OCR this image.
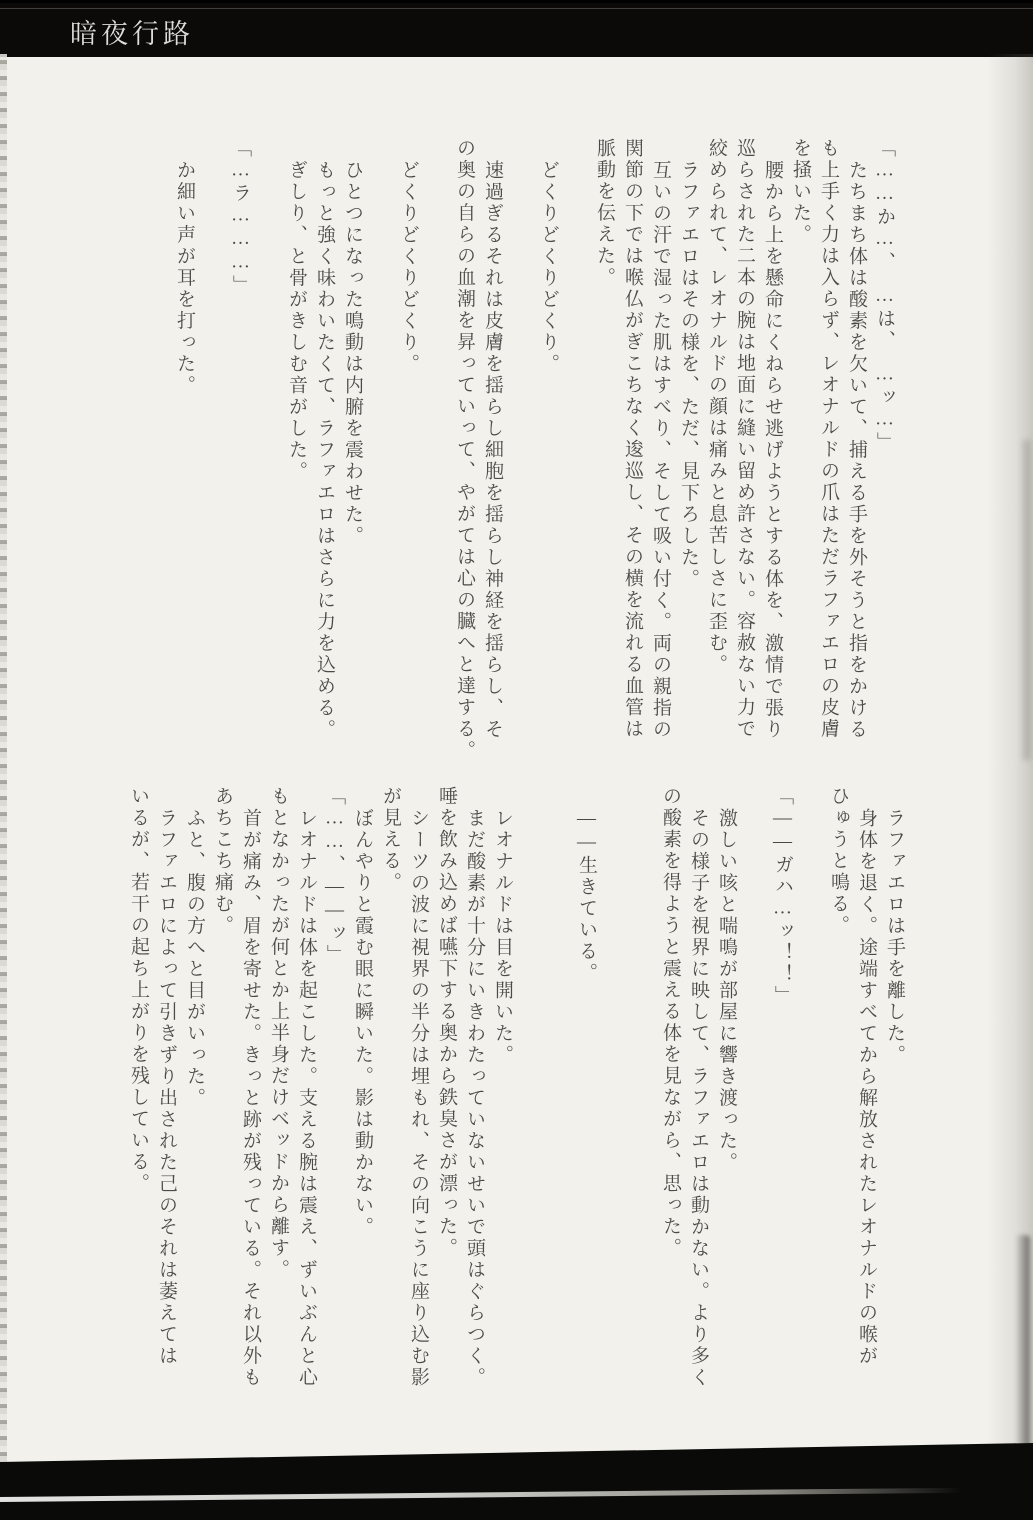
暗夜行路
「……か…、　…は、　…ッ…」
たちまち体は酸素を欠いて、捕える手を外そうと指をかける
も上手く力は入らず、レオナルドの爪はただラファエロの皮膚
を掻いた。
腰から上を懸命にくねらせ逃げようとする体を、激情で張り
巡らされた二本の腕は地面に縫い留め許さない。容赦ない力で
絞められて、レオナルドの顔は痛みと息苦しさに歪む。
ラファエロはその様を、ただ、見下ろした。
互いの汗で湿った肌はすべり、そして吸い付く。両の親指の
関節の下では喉仏がぎこちなく逡巡し、その横を流れる血管は
脈動を伝えた。

どくりどくりどくり。

速過ぎるそれは皮膚を揺らし細胞を揺らし神経を揺らし、そ
の奥の自らの血潮を昇っていって、やがては心の臓へと達する。

どくりどくりどくり。

ひとつになった鳴動は内腑を震わせた。
もっと強く味わいたくて、ラファエロはさらに力を込める。
ぎしり、と骨がきしむ音がした。

「…ラ………」

か細い声が耳を打った。
ラファエロは手を離した。
身体を退く。途端すべてから解放されたレオナルドの喉が
ひゅうと鳴る。

「――ガハ…ッ！！」

激しい咳と喘鳴が部屋に響き渡った。
その様子を視界に映して、ラファエロは動かない。より多く
の酸素を得ようと震える体を見ながら、思った。

――生きている。

レオナルドは目を開いた。
まだ酸素が十分にいきわたっていないせいで頭はぐらつく。
唾を飲み込めば嚥下する奥から鉄臭さが漂った。
シーツの波に視界の半分は埋もれ、その向こうに座り込む影
が見える。
ぼんやりと霞む眼に瞬いた。影は動かない。
「……、――ッ」
レオナルドは体を起こした。支える腕は震え、ずいぶんと心
もとなかったが何とか上半身だけベッドから離す。
首が痛み、眉を寄せた。きっと跡が残っている。それ以外も
あちこち痛む。
ふと、腹の方へと目がいった。
ラファエロによって引きずり出された己のそれは萎えては
いるが、若干の起ち上がりを残している。
